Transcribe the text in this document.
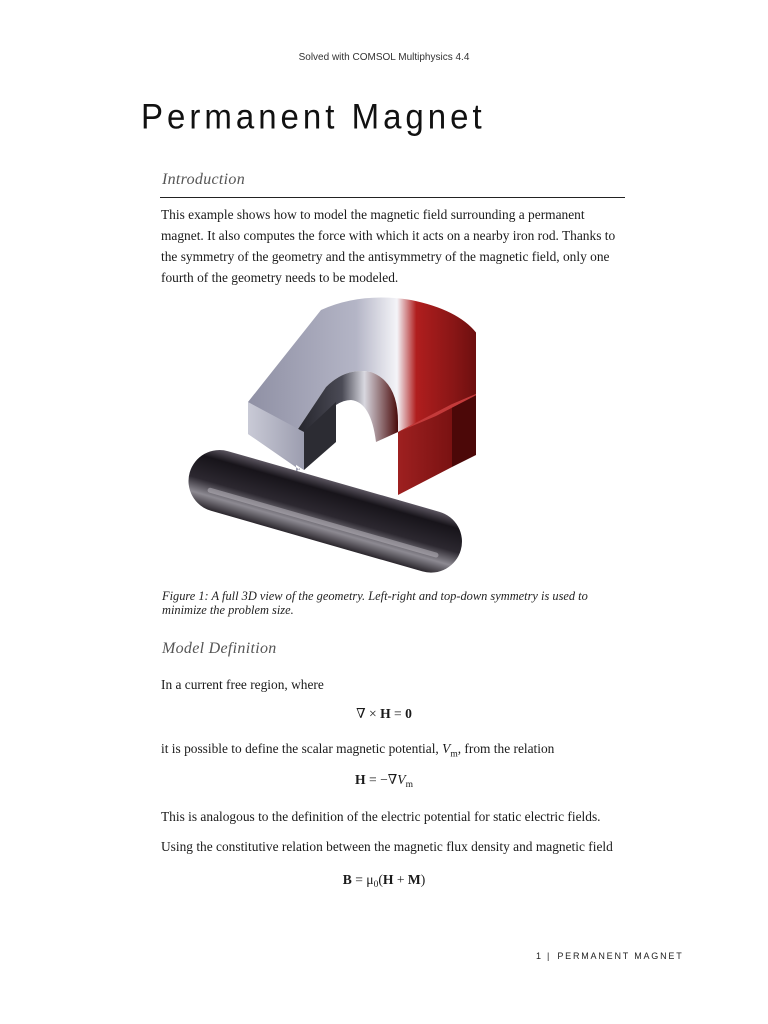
Solved with COMSOL Multiphysics 4.4
Permanent Magnet
Introduction
This example shows how to model the magnetic field surrounding a permanent
magnet. It also computes the force with which it acts on a nearby iron rod. Thanks to
the symmetry of the geometry and the antisymmetry of the magnetic field, only one
fourth of the geometry needs to be modeled.
Figure 1: A full 3D view of the geometry. Left-right and top-down symmetry is used to
minimize the problem size.
Model Definition
In a current free region, where
∇ × H = 0
it is possible to define the scalar magnetic potential, $V_m$, from the relation
$H = -\nabla V_m$
This is analogous to the definition of the electric potential for static electric fields.
Using the constitutive relation between the magnetic flux density and magnetic field
$B = \mu_0(H + M)$
1 | PERMANENT MAGNET
